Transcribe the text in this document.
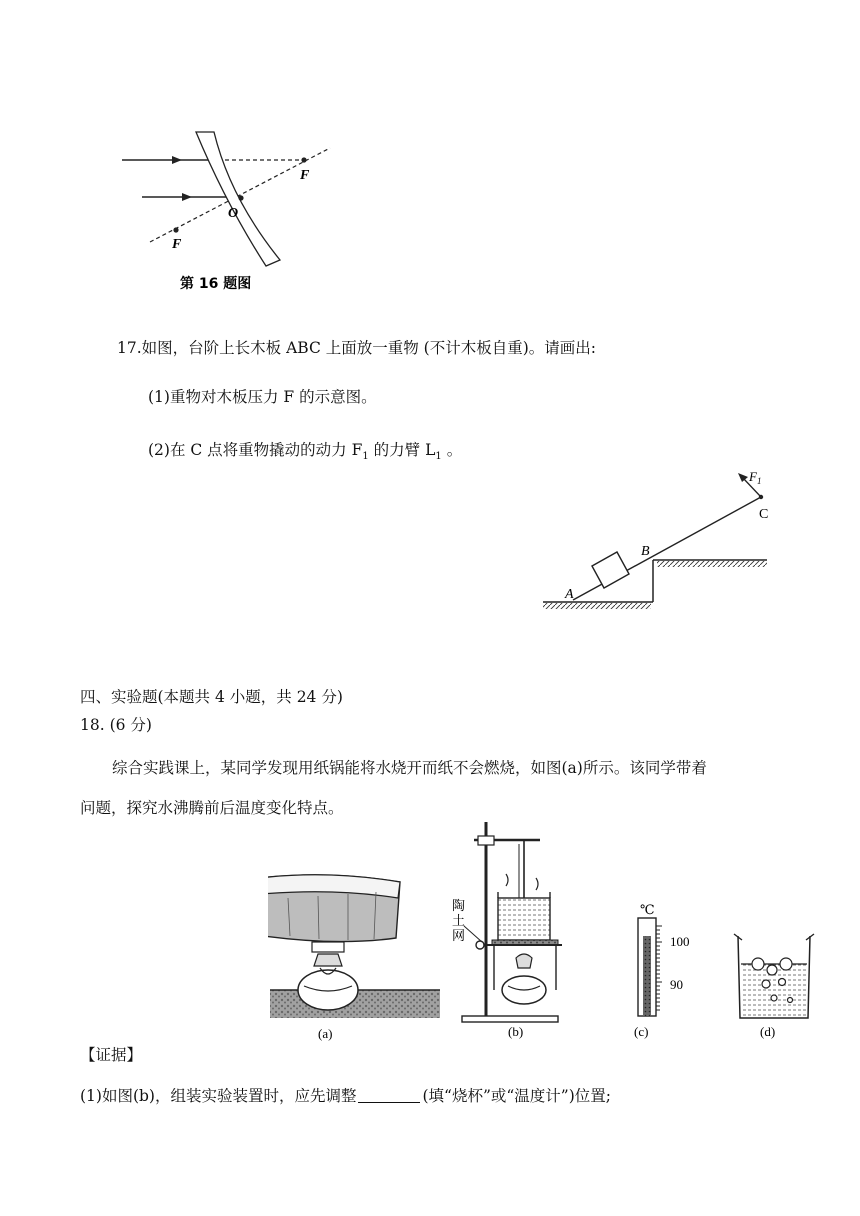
F
O
F
第 16 题图
17.如图，台阶上长木板 ABC 上面放一重物 (不计木板自重)。请画出:
(1)重物对木板压力 F 的示意图。
(2)在 C 点将重物撬动的动力 $F_1$ 的力臂 $L_1$ 。
$F_1$
C
B
A
四、实验题(本题共 4 小题，共 24 分)
18. (6 分)
综合实践课上，某同学发现用纸锅能将水烧开而纸不会燃烧，如图(a)所示。该同学带着
问题，探究水沸腾前后温度变化特点。
(a)
陶
土
网
(b)
℃
100
90
(c)	(d)
【证据】
(1)如图(b)，组装实验装置时，应先调整	(填“烧杯”或“温度计”)位置;
